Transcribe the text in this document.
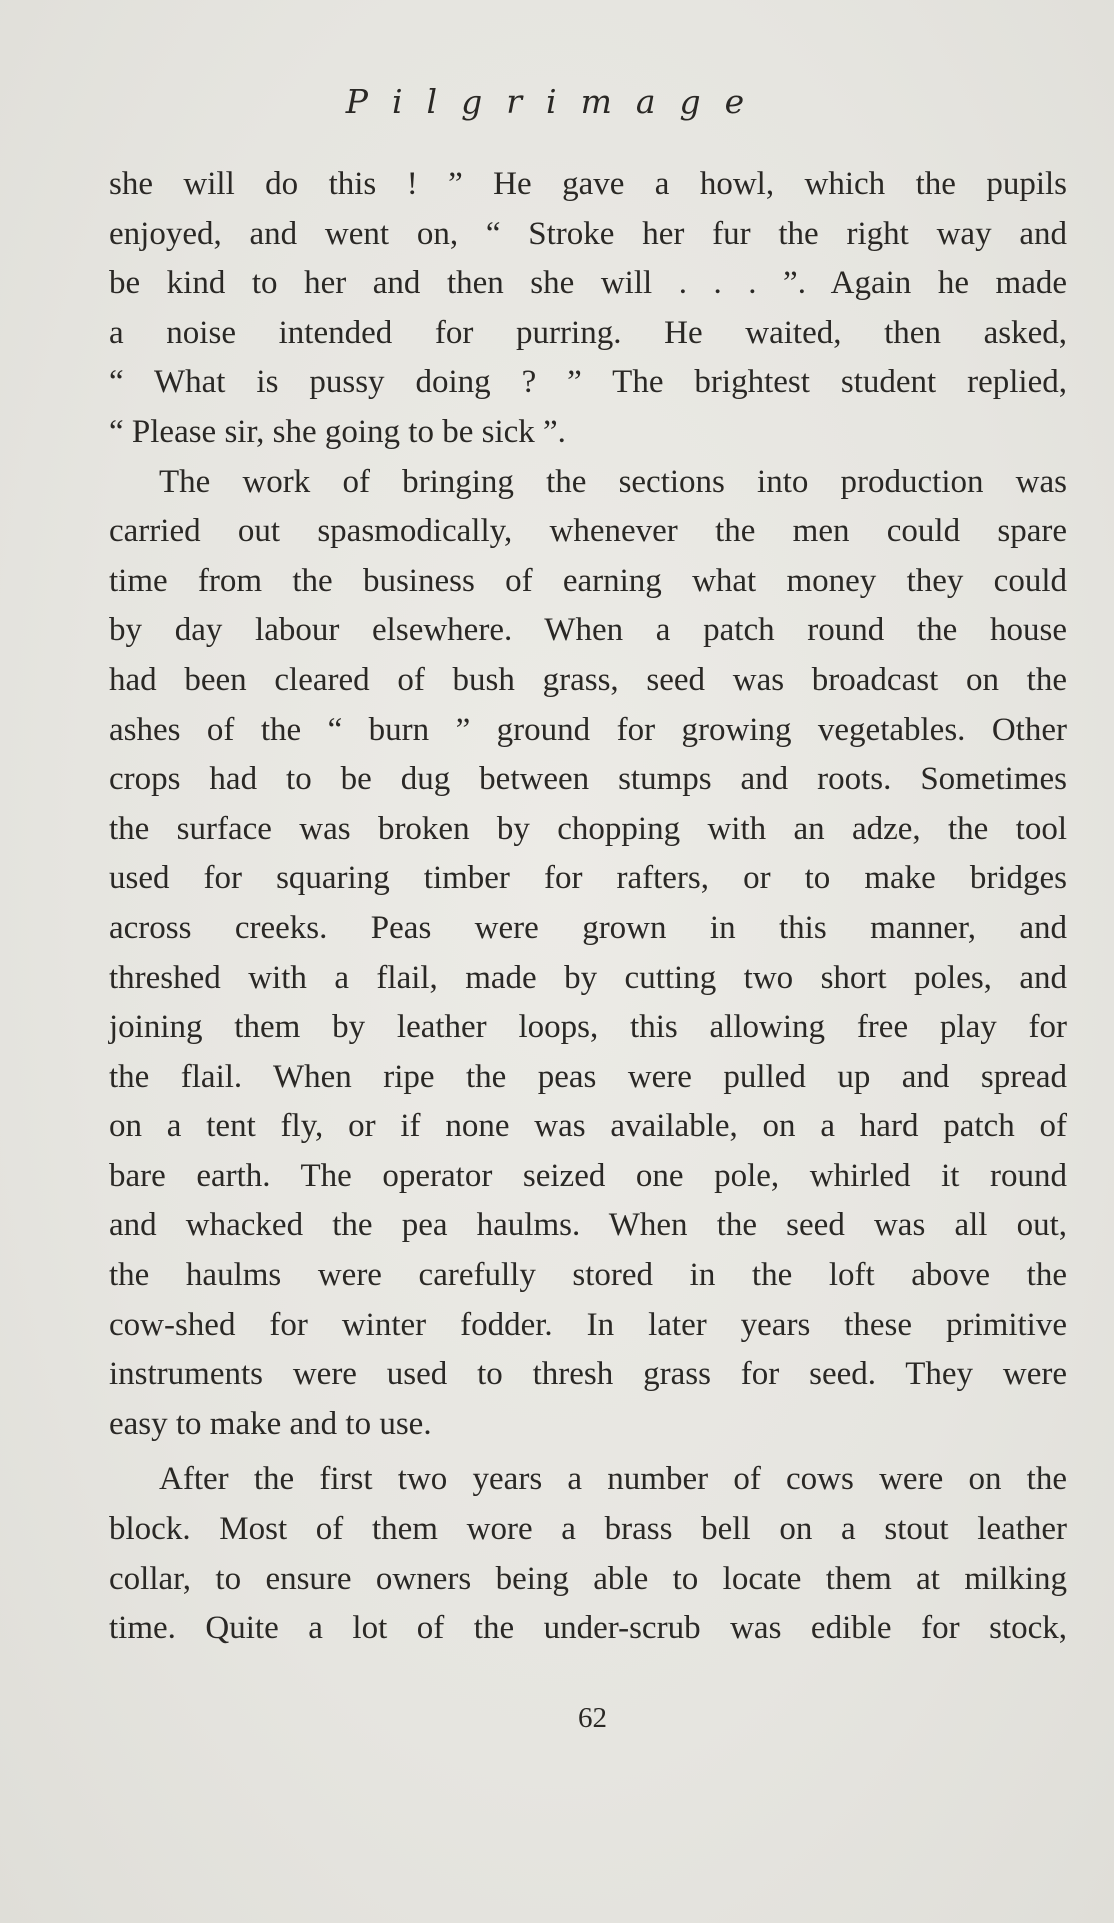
Pilgrimage
she will do this ! ” He gave a howl, which the pupils
enjoyed, and went on, “ Stroke her fur the right way and
be kind to her and then she will . . . ”. Again he made
a noise intended for purring. He waited, then asked,
“ What is pussy doing ? ” The brightest student replied,
“ Please sir, she going to be sick ”.
The work of bringing the sections into production was
carried out spasmodically, whenever the men could spare
time from the business of earning what money they could
by day labour elsewhere. When a patch round the house
had been cleared of bush grass, seed was broadcast on the
ashes of the “ burn ” ground for growing vegetables. Other
crops had to be dug between stumps and roots. Sometimes
the surface was broken by chopping with an adze, the tool
used for squaring timber for rafters, or to make bridges
across creeks. Peas were grown in this manner, and
threshed with a flail, made by cutting two short poles, and
joining them by leather loops, this allowing free play for
the flail. When ripe the peas were pulled up and spread
on a tent fly, or if none was available, on a hard patch of
bare earth. The operator seized one pole, whirled it round
and whacked the pea haulms. When the seed was all out,
the haulms were carefully stored in the loft above the
cow-shed for winter fodder. In later years these primitive
instruments were used to thresh grass for seed. They were
easy to make and to use.
After the first two years a number of cows were on the
block. Most of them wore a brass bell on a stout leather
collar, to ensure owners being able to locate them at milking
time. Quite a lot of the under-scrub was edible for stock,
62
